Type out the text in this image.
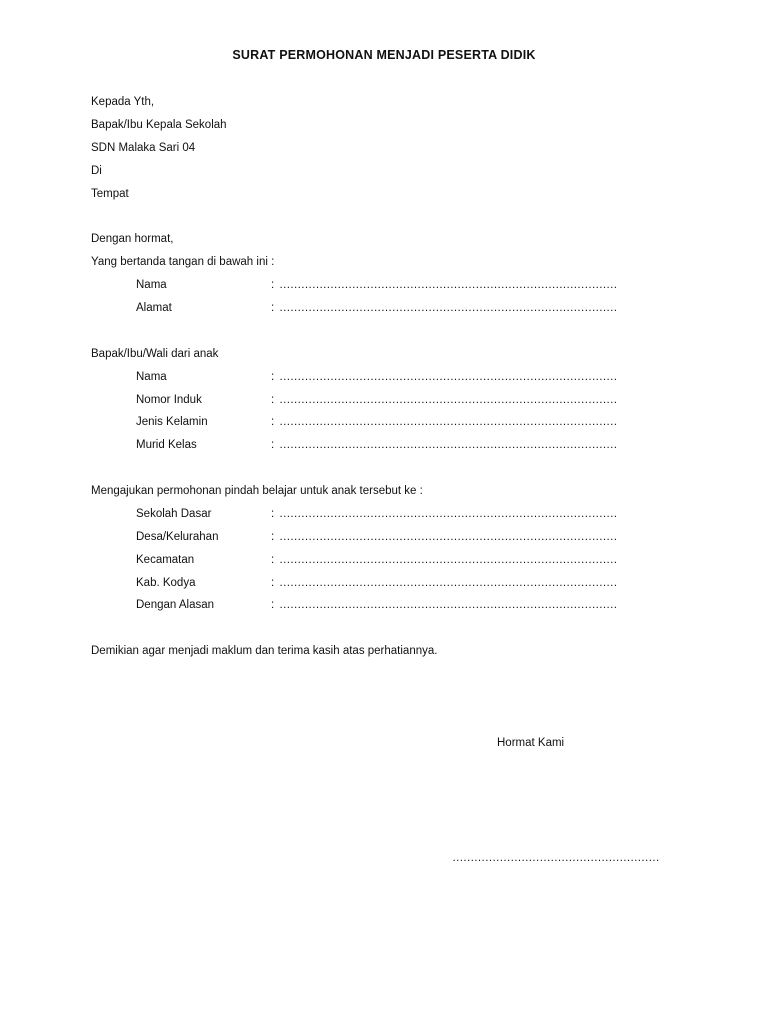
SURAT PERMOHONAN MENJADI PESERTA DIDIK
Kepada Yth,
Bapak/Ibu Kepala Sekolah
SDN Malaka Sari 04
Di
Tempat
Dengan hormat,
Yang bertanda tangan di bawah ini :
Nama	: …………………………………………………………………………………
Alamat	: …………………………………………………………………………………
Bapak/Ibu/Wali dari anak
Nama	: …………………………………………………………………………………
Nomor Induk	: …………………………………………………………………………………
Jenis Kelamin	: …………………………………………………………………………………
Murid Kelas	: …………………………………………………………………………………
Mengajukan permohonan pindah belajar untuk anak tersebut ke :
Sekolah Dasar	: …………………………………………………………………………………
Desa/Kelurahan	: …………………………………………………………………………………
Kecamatan	: …………………………………………………………………………………
Kab. Kodya	: …………………………………………………………………………………
Dengan Alasan	: …………………………………………………………………………………
Demikian agar menjadi maklum dan terima kasih atas perhatiannya.
Hormat Kami
…………………………………………………
